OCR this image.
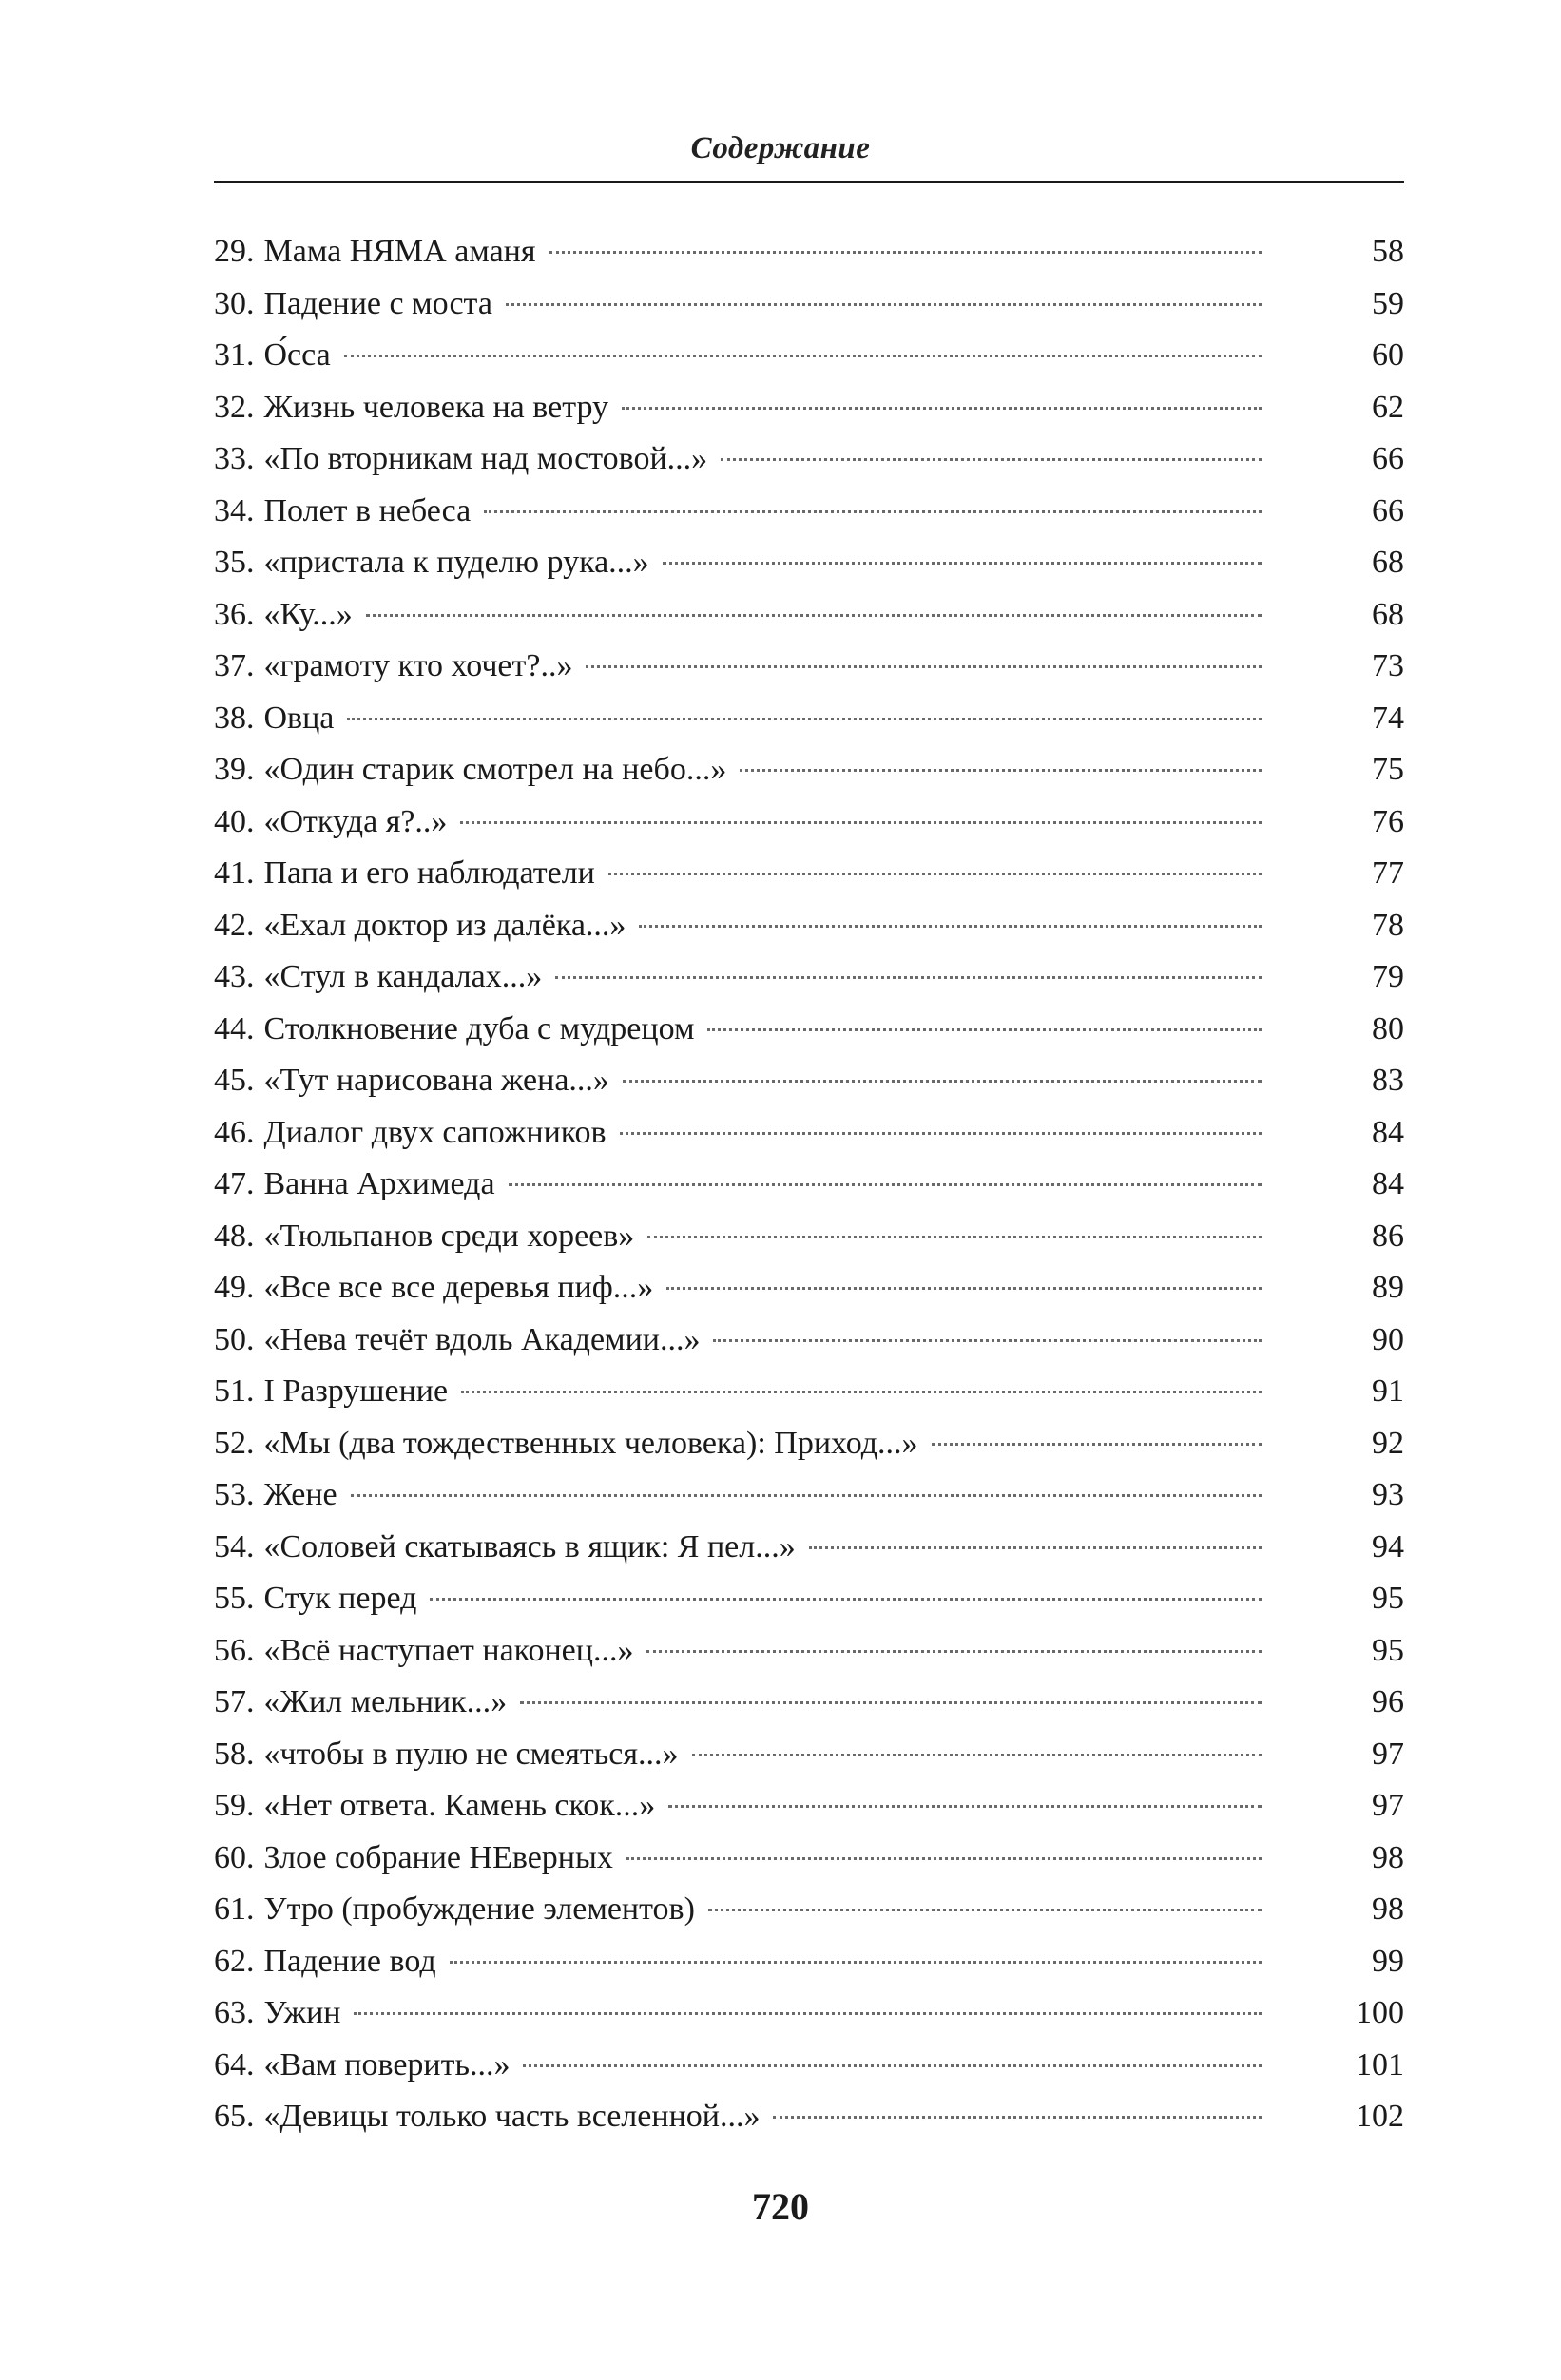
Содержание
29. Мама НЯМА аманя	58
30. Падение с моста	59
31. О́сса	60
32. Жизнь человека на ветру	62
33. «По вторникам над мостовой...»	66
34. Полет в небеса	66
35. «пристала к пуделю рука...»	68
36. «Ку...»	68
37. «грамоту кто хочет?..»	73
38. Овца	74
39. «Один старик смотрел на небо...»	75
40. «Откуда я?..»	76
41. Папа и его наблюдатели	77
42. «Ехал доктор из далёка...»	78
43. «Стул в кандалах...»	79
44. Столкновение дуба с мудрецом	80
45. «Тут нарисована жена...»	83
46. Диалог двух сапожников	84
47. Ванна Архимеда	84
48. «Тюльпанов среди хореев»	86
49. «Все все все деревья пиф...»	89
50. «Нева течёт вдоль Академии...»	90
51. I Разрушение	91
52. «Мы (два тождественных человека): Приход...»	92
53. Жене	93
54. «Соловей скатываясь в ящик: Я пел...»	94
55. Стук перед	95
56. «Всё наступает наконец...»	95
57. «Жил мельник...»	96
58. «чтобы в пулю не смеяться...»	97
59. «Нет ответа. Камень скок...»	97
60. Злое собрание НЕверных	98
61. Утро (пробуждение элементов)	98
62. Падение вод	99
63. Ужин	100
64. «Вам поверить...»	101
65. «Девицы только часть вселенной...»	102
720
